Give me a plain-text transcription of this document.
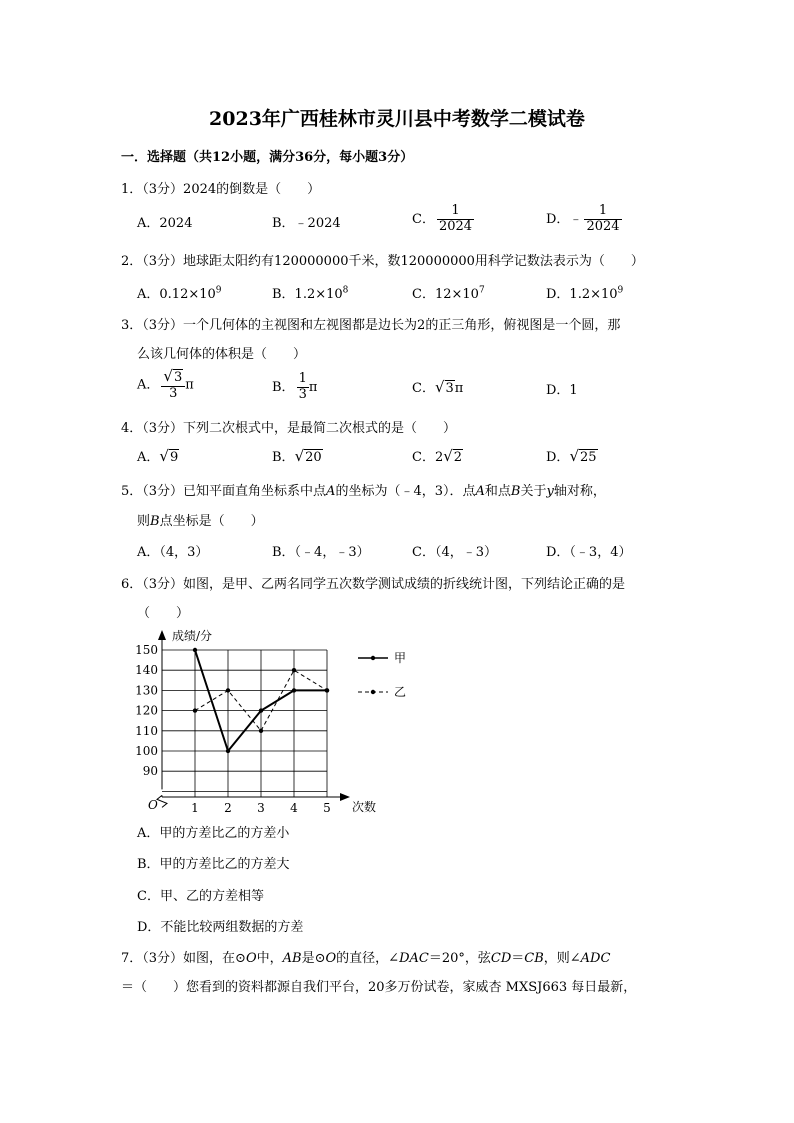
2023年广西桂林市灵川县中考数学二模试卷
一．选择题（共12小题，满分36分，每小题3分）
1．（3分）2024的倒数是（　　）
A．2024	B．﹣2024	C． $\frac{1}{2024}$	D．﹣ $\frac{1}{2024}$
2．（3分）地球距太阳约有120000000千米，数120000000用科学记数法表示为（　　）
A．$0.12\times 10^9$	B．$1.2\times 10^8$	C．$12\times 10^7$	D．$1.2\times 10^9$
3．（3分）一个几何体的主视图和左视图都是边长为2的正三角形，俯视图是一个圆，那
么该几何体的体积是（　　）
A． $\frac{√3}{3}$ π	B． $\frac{1}{3}$ π	C．√3π	D．1
4．（3分）下列二次根式中，是最简二次根式的是（　　）
A．√9	B．√20	C．2√2	D．√25
5．（3分）已知平面直角坐标系中点A的坐标为（﹣4，3）．点A和点B关于y轴对称，
则B点坐标是（　　）
A．（4，3）	B．（﹣4，﹣3）	C．（4，﹣3）	D．（﹣3，4）
6．（3分）如图，是甲、乙两名同学五次数学测试成绩的折线统计图，下列结论正确的是
（　　）
成绩/分
次数
O
150
140
130
120
110
100
90
1 2 3 4 5
甲
乙
A．甲的方差比乙的方差小
B．甲的方差比乙的方差大
C．甲、乙的方差相等
D．不能比较两组数据的方差
7．（3分）如图，在⊙O中，AB是⊙O的直径，∠DAC＝20°，弦CD＝CB，则∠ADC
＝（　　）您看到的资料都源自我们平台，20多万份试卷，家威杏 MXSJ663 每日最新，
